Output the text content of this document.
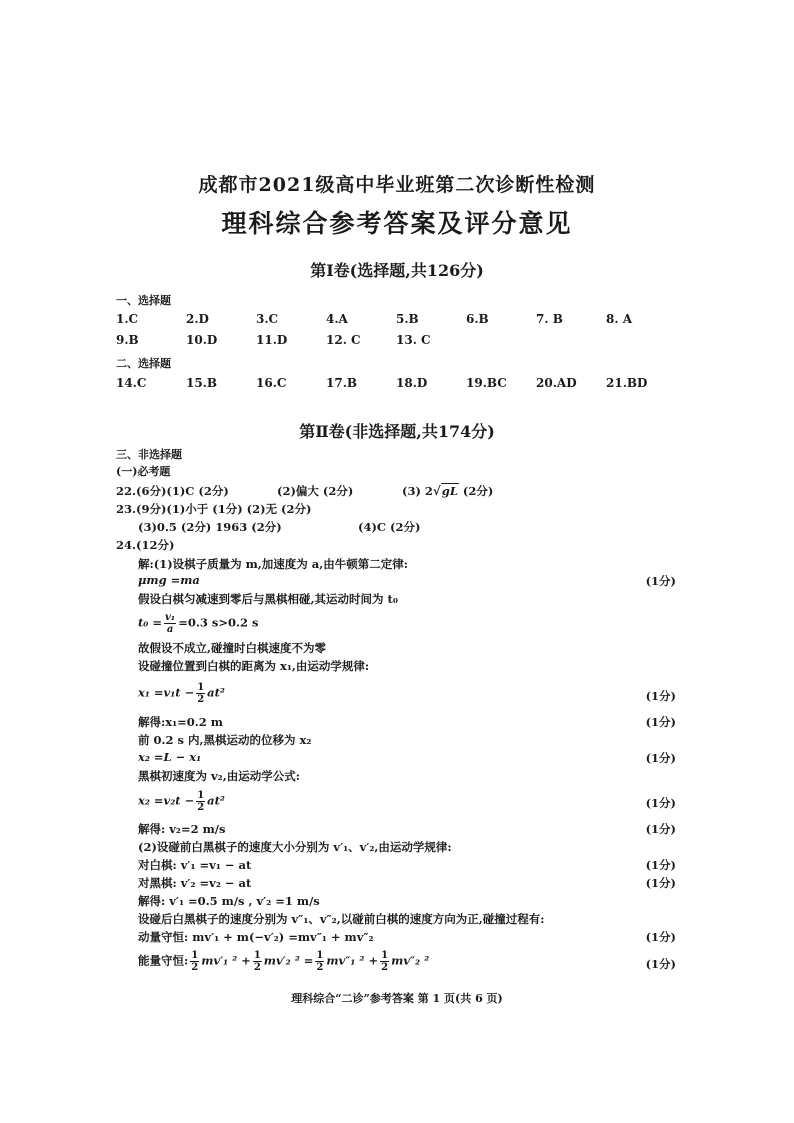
成都市2021级高中毕业班第二次诊断性检测
理科综合参考答案及评分意见
第Ⅰ卷(选择题,共126分)
一、选择题
1.C	2.D	3.C	4.A	5.B	6.B	7. B	8. A
9.B	10.D	11.D	12. C	13. C
二、选择题
14.C	15.B	16.C	17.B	18.D	19.BC 20.AD 21.BD
第Ⅱ卷(非选择题,共174分)
三、非选择题
(一)必考题
22.(6分)(1)C (2分)	(2)偏大 (2分)	(3) 2√gL (2分)
23.(9分)(1)小于 (1分) (2)无 (2分)
(3)0.5 (2分) 1963 (2分)	(4)C (2分)
24.(12分)
解:(1)设棋子质量为 m,加速度为 a,由牛顿第二定律:
μmg =ma	(1分)
假设白棋匀减速到零后与黑棋相碰,其运动时间为 t₀
$t_0 = \frac{\text{v₁}}{a} =0.3$ s>0.2 s
故假设不成立,碰撞时白棋速度不为零
设碰撞位置到白棋的距离为 x₁,由运动学规律:
$x_1 =v_1t - \frac{1}{2} at^2$	(1分)
解得:x₁=0.2 m	(1分)
前 0.2 s 内,黑棋运动的位移为 x₂
x₂ =L − x₁	(1分)
黑棋初速度为 v₂,由运动学公式:
$x_2 =v_2t - \frac{1}{2} at^2$	(1分)
解得: v₂=2 m/s	(1分)
(2)设碰前白黑棋子的速度大小分别为 v′₁、v′₂,由运动学规律:
对白棋: v′₁ =v₁ − at	(1分)
对黑棋: v′₂ =v₂ − at	(1分)
解得: v′₁ =0.5 m/s , v′₂ =1 m/s
设碰后白黑棋子的速度分别为 v″₁、v″₂,以碰前白棋的速度方向为正,碰撞过程有:
动量守恒: mv′₁ + m(−v′₂) =mv″₁ + mv″₂	(1分)
能量守恒: $\frac{1}{2} mv'_1$ $^2 + \frac{1}{2} mv'_2$ $^2 = \frac{1}{2} mv''_1$ $^2 + \frac{1}{2} mv''_2$ ²	(1分)
理科综合“二诊”参考答案 第 1 页(共 6 页)
